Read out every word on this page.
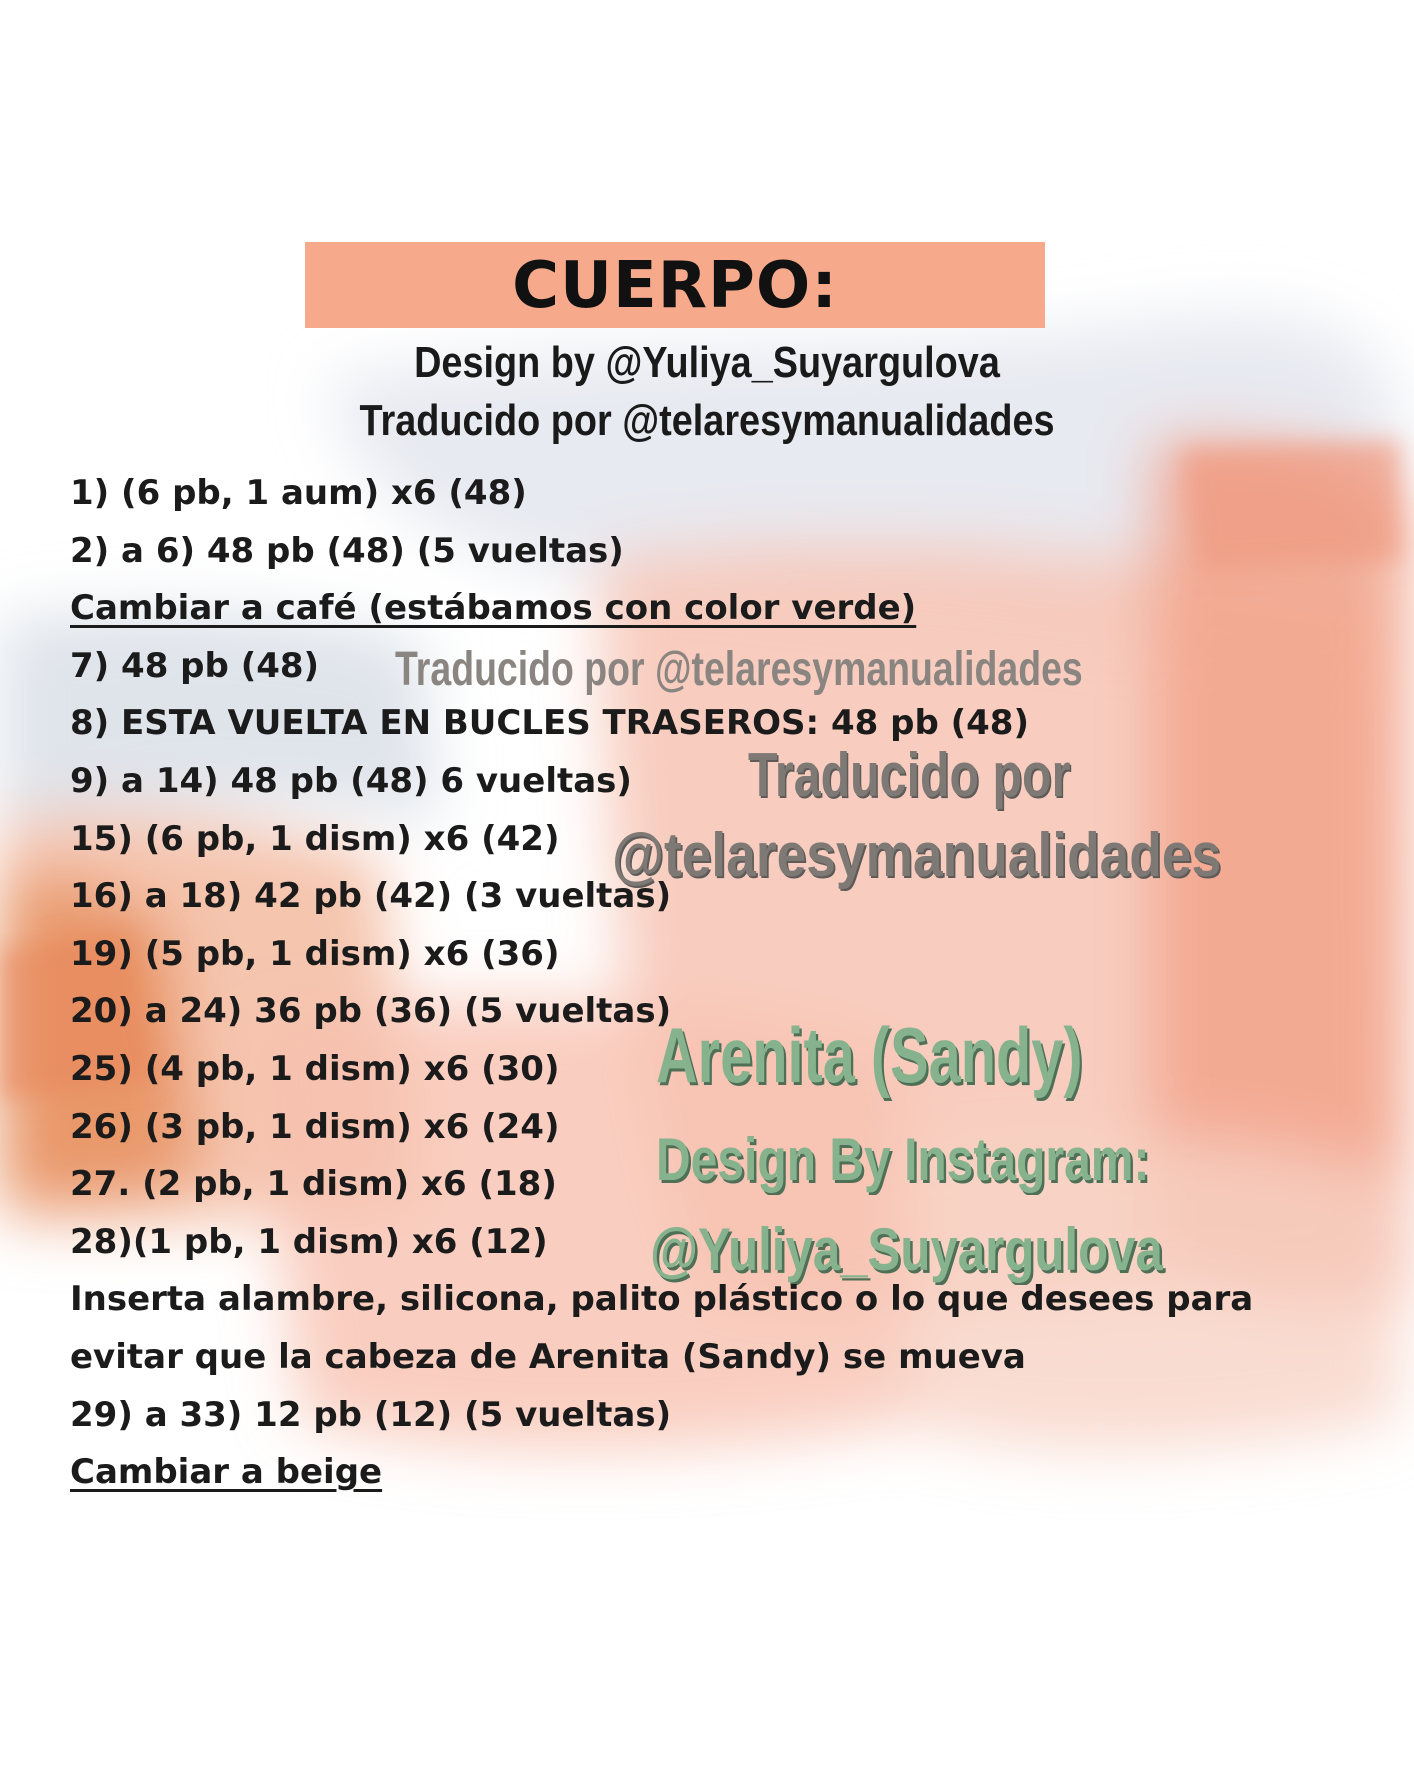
CUERPO:
Design by @Yuliya_Suyargulova
Traducido por @telaresymanualidades
Traducido por @telaresymanualidades
Traducido por
@telaresymanualidades
Arenita (Sandy)
Design By Instagram:
@Yuliya_Suyargulova
1) (6 pb, 1 aum) x6 (48)
2) a 6) 48 pb (48) (5 vueltas)
Cambiar a café (estábamos con color verde)
7) 48 pb (48)
8) ESTA VUELTA EN BUCLES TRASEROS: 48 pb (48)
9) a 14) 48 pb (48) 6 vueltas)
15) (6 pb, 1 dism) x6 (42)
16) a 18) 42 pb (42) (3 vueltas)
19) (5 pb, 1 dism) x6 (36)
20) a 24) 36 pb (36) (5 vueltas)
25) (4 pb, 1 dism) x6 (30)
26) (3 pb, 1 dism) x6 (24)
27. (2 pb, 1 dism) x6 (18)
28)(1 pb, 1 dism) x6 (12)
Inserta alambre, silicona, palito plástico o lo que desees para
evitar que la cabeza de Arenita (Sandy) se mueva
29) a 33) 12 pb (12) (5 vueltas)
Cambiar a beige
